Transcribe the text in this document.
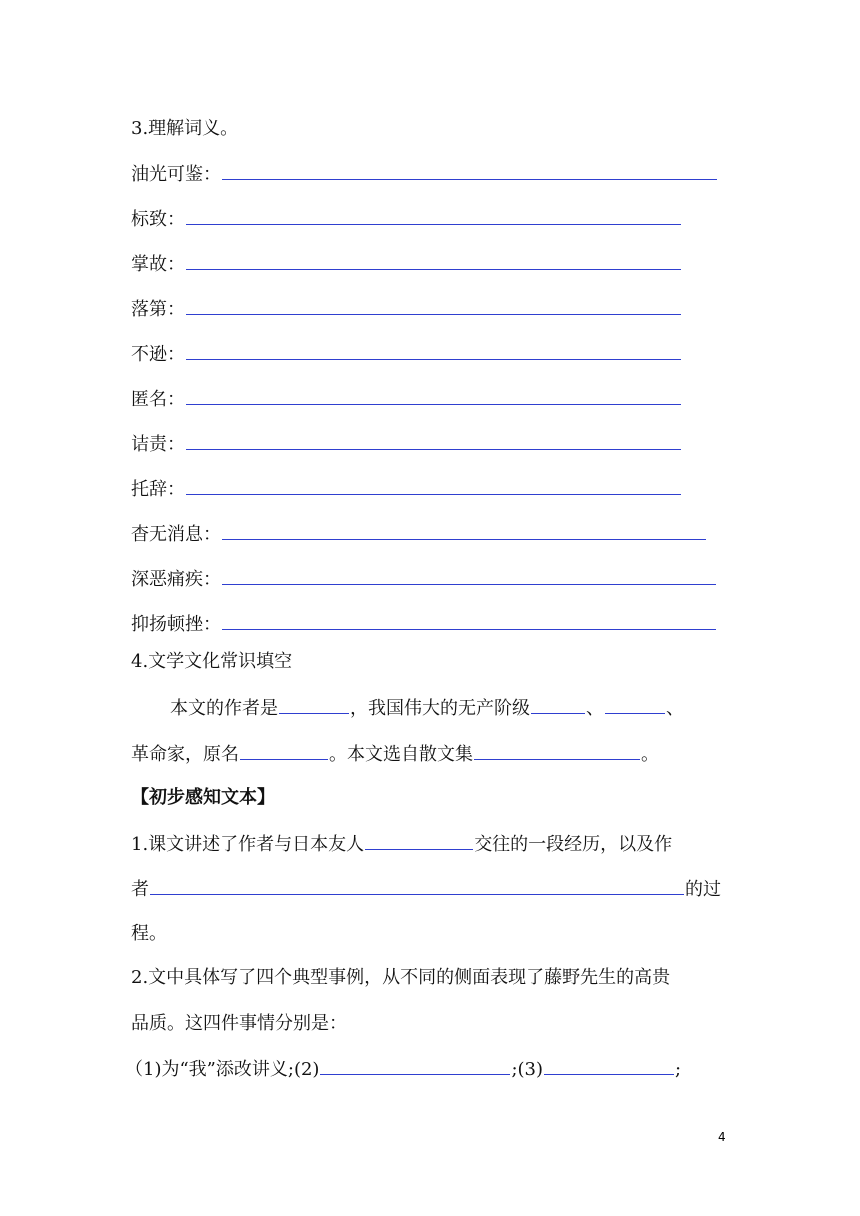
3.理解词义。
油光可鉴：
标致：
掌故：
落第：
不逊：
匿名：
诘责：
托辞：
杳无消息：
深恶痛疾：
抑扬顿挫：
4.文学文化常识填空
本文的作者是	，我国伟大的无产阶级	、	、
革命家，原名	。本文选自散文集	。
【初步感知文本】
1.课文讲述了作者与日本友人	交往的一段经历，以及作
者	的过
程。
2.文中具体写了四个典型事例，从不同的侧面表现了藤野先生的高贵
品质。这四件事情分别是：
（1)为“我”添改讲义;(2)	;(3)	;
4
